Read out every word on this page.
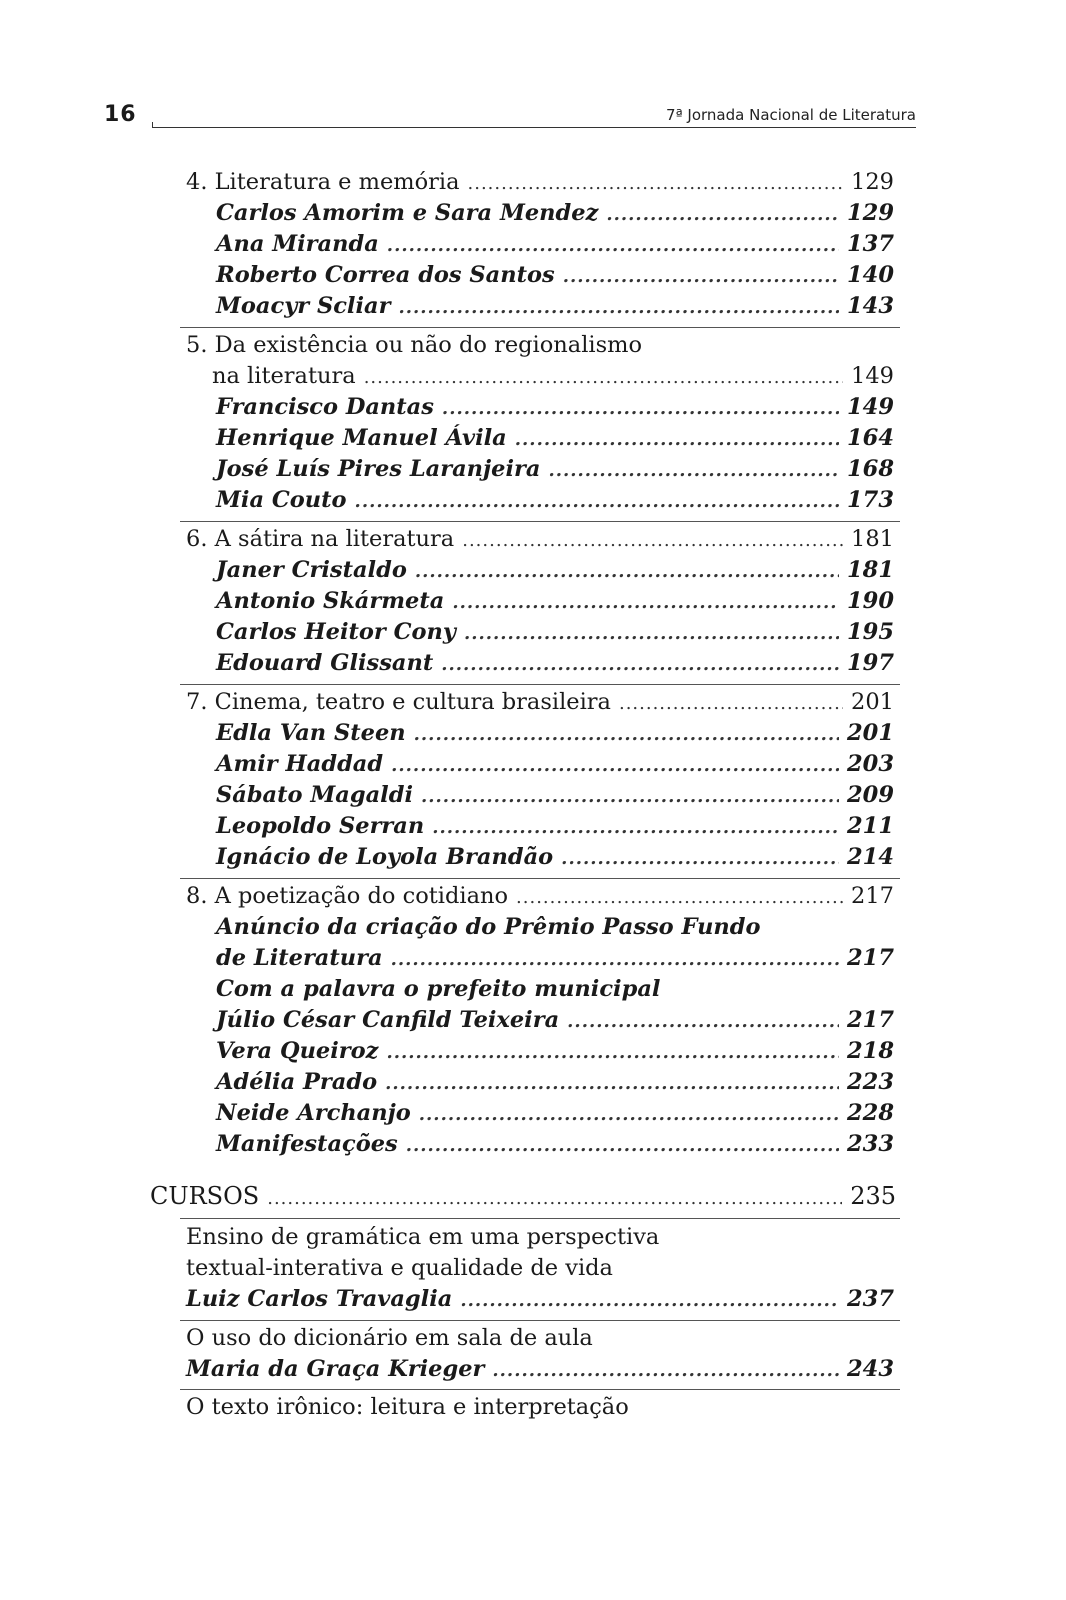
16	7ª Jornada Nacional de Literatura
4. Literatura e memória .....	129
Carlos Amorim e Sara Mendez .....	129
Ana Miranda .....	137
Roberto Correa dos Santos .....	140
Moacyr Scliar .....	143
5. Da existência ou não do regionalismo
na literatura .....	149
Francisco Dantas .....	149
Henrique Manuel Ávila .....	164
José Luís Pires Laranjeira .....	168
Mia Couto .....	173
6. A sátira na literatura .....	181
Janer Cristaldo .....	181
Antonio Skármeta .....	190
Carlos Heitor Cony .....	195
Edouard Glissant .....	197
7. Cinema, teatro e cultura brasileira .....	201
Edla Van Steen .....	201
Amir Haddad .....	203
Sábato Magaldi .....	209
Leopoldo Serran .....	211
Ignácio de Loyola Brandão .....	214
8. A poetização do cotidiano .....	217
Anúncio da criação do Prêmio Passo Fundo
de Literatura .....	217
Com a palavra o prefeito municipal
Júlio César Canfild Teixeira .....	217
Vera Queiroz .....	218
Adélia Prado .....	223
Neide Archanjo .....	228
Manifestações .....	233
CURSOS .....	235
Ensino de gramática em uma perspectiva
textual-interativa e qualidade de vida
Luiz Carlos Travaglia .....	237
O uso do dicionário em sala de aula
Maria da Graça Krieger .....	243
O texto irônico: leitura e interpretação
